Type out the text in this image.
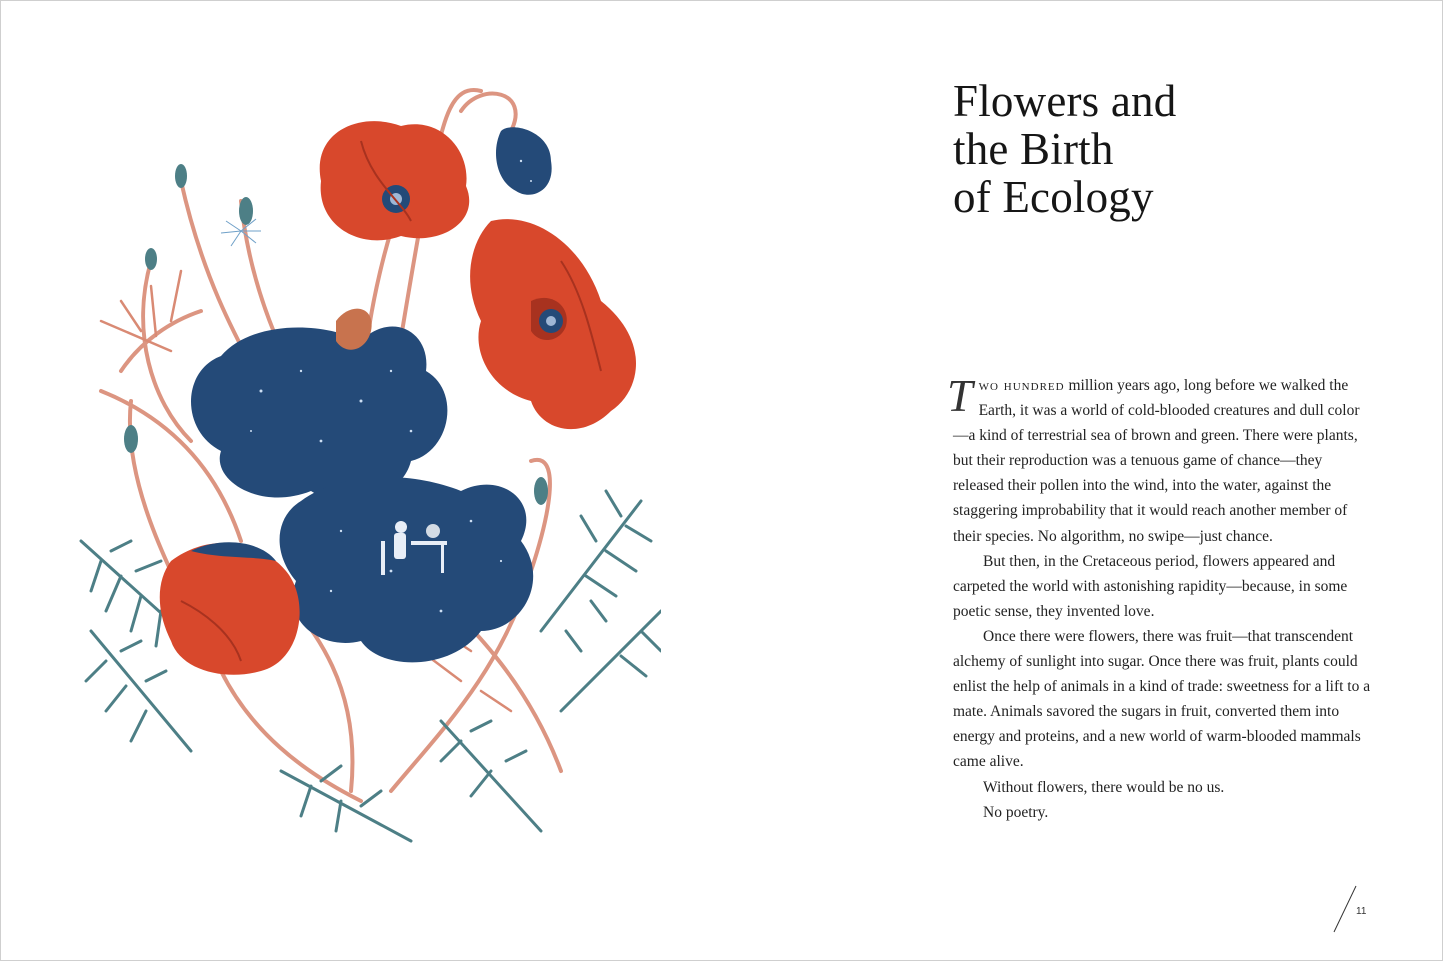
Flowers and
the Birth
of Ecology

Two hundred million years ago, long before we walked the Earth, it was a world of cold-blooded creatures and dull color—a kind of terrestrial sea of brown and green. There were plants, but their reproduction was a tenuous game of chance—they released their pollen into the wind, into the water, against the staggering improbability that it would reach another member of their species. No algorithm, no swipe—just chance.

But then, in the Cretaceous period, flowers appeared and carpeted the world with astonishing rapidity—because, in some poetic sense, they invented love.

Once there were flowers, there was fruit—that transcendent alchemy of sunlight into sugar. Once there was fruit, plants could enlist the help of animals in a kind of trade: sweetness for a lift to a mate. Animals savored the sugars in fruit, converted them into energy and proteins, and a new world of warm-blooded mammals came alive.

Without flowers, there would be no us.

No poetry.

11
